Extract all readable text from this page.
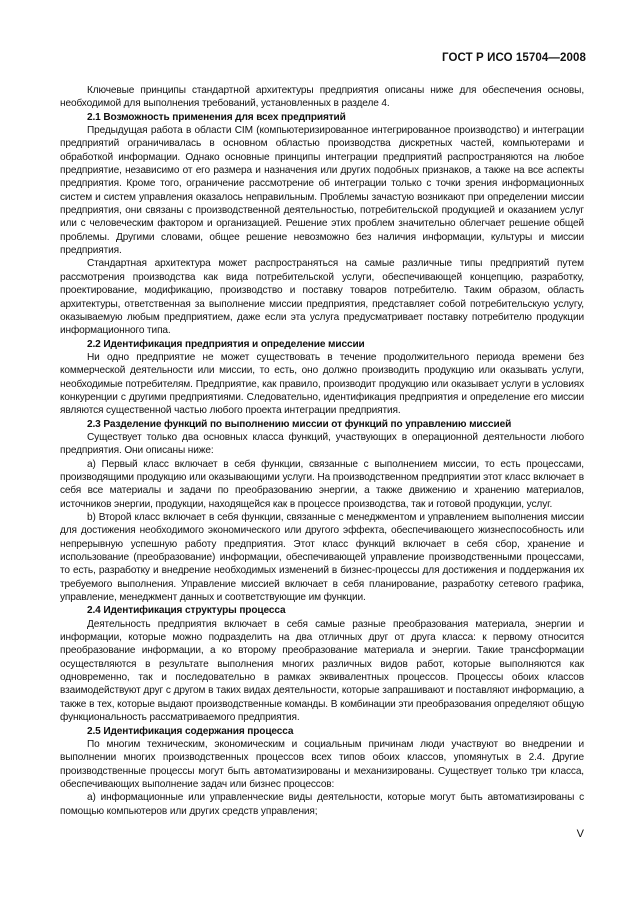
ГОСТ Р ИСО 15704—2008

Ключевые принципы стандартной архитектуры предприятия описаны ниже для обеспечения основы, необходимой для выполнения требований, установленных в разделе 4.

2.1 Возможность применения для всех предприятий

Предыдущая работа в области CIM (компьютеризированное интегрированное производство) и интеграции предприятий ограничивалась в основном областью производства дискретных частей, компьютерами и обработкой информации. Однако основные принципы интеграции предприятий распространяются на любое предприятие, независимо от его размера и назначения или других подобных признаков, а также на все аспекты предприятия. Кроме того, ограничение рассмотрение об интеграции только с точки зрения информационных систем и систем управления оказалось неправильным. Проблемы зачастую возникают при определении миссии предприятия, они связаны с производственной деятельностью, потребительской продукцией и оказанием услуг или с человеческим фактором и организацией. Решение этих проблем значительно облегчает решение общей проблемы. Другими словами, общее решение невозможно без наличия информации, культуры и миссии предприятия.

Стандартная архитектура может распространяться на самые различные типы предприятий путем рассмотрения производства как вида потребительской услуги, обеспечивающей концепцию, разработку, проектирование, модификацию, производство и поставку товаров потребителю. Таким образом, область архитектуры, ответственная за выполнение миссии предприятия, представляет собой потребительскую услугу, оказываемую любым предприятием, даже если эта услуга предусматривает поставку потребителю продукции информационного типа.

2.2 Идентификация предприятия и определение миссии

Ни одно предприятие не может существовать в течение продолжительного периода времени без коммерческой деятельности или миссии, то есть, оно должно производить продукцию или оказывать услуги, необходимые потребителям. Предприятие, как правило, производит продукцию или оказывает услуги в условиях конкуренции с другими предприятиями. Следовательно, идентификация предприятия и определение его миссии являются существенной частью любого проекта интеграции предприятия.

2.3 Разделение функций по выполнению миссии от функций по управлению миссией

Существует только два основных класса функций, участвующих в операционной деятельности любого предприятия. Они описаны ниже:

a) Первый класс включает в себя функции, связанные с выполнением миссии, то есть процессами, производящими продукцию или оказывающими услуги. На производственном предприятии этот класс включает в себя все материалы и задачи по преобразованию энергии, а также движению и хранению материалов, источников энергии, продукции, находящейся как в процессе производства, так и готовой продукции, услуг.

b) Второй класс включает в себя функции, связанные с менеджментом и управлением выполнения миссии для достижения необходимого экономического или другого эффекта, обеспечивающего жизнеспособность или непрерывную успешную работу предприятия. Этот класс функций включает в себя сбор, хранение и использование (преобразование) информации, обеспечивающей управление производственными процессами, то есть, разработку и внедрение необходимых изменений в бизнес-процессы для достижения и поддержания их требуемого выполнения. Управление миссией включает в себя планирование, разработку сетевого графика, управление, менеджмент данных и соответствующие им функции.

2.4 Идентификация структуры процесса

Деятельность предприятия включает в себя самые разные преобразования материала, энергии и информации, которые можно подразделить на два отличных друг от друга класса: к первому относится преобразование информации, а ко второму преобразование материала и энергии. Такие трансформации осуществляются в результате выполнения многих различных видов работ, которые выполняются как одновременно, так и последовательно в рамках эквивалентных процессов. Процессы обоих классов взаимодействуют друг с другом в таких видах деятельности, которые запрашивают и поставляют информацию, а также в тех, которые выдают производственные команды. В комбинации эти преобразования определяют общую функциональность рассматриваемого предприятия.

2.5 Идентификация содержания процесса

По многим техническим, экономическим и социальным причинам люди участвуют во внедрении и выполнении многих производственных процессов всех типов обоих классов, упомянутых в 2.4. Другие производственные процессы могут быть автоматизированы и механизированы. Существует только три класса, обеспечивающих выполнение задач или бизнес процессов:

a) информационные или управленческие виды деятельности, которые могут быть автоматизированы с помощью компьютеров или других средств управления;

V
